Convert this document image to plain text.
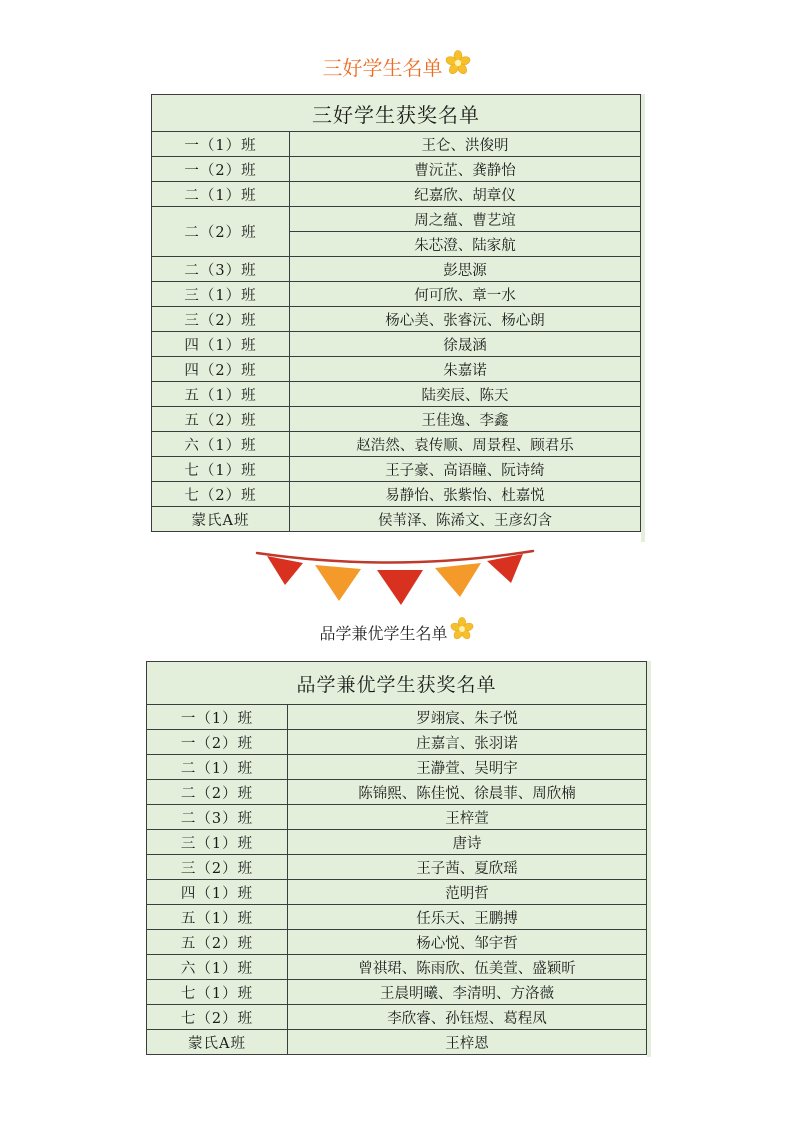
三好学生名单
三好学生获奖名单	
一（1）班	王仑、洪俊明
一（2）班	曹沅芷、龚静怡
二（1）班	纪嘉欣、胡章仪
二（2）班	周之蕴、曹艺竩
	朱芯澄、陆家航
二（3）班	彭思源
三（1）班	何可欣、章一水
三（2）班	杨心美、张睿沅、杨心朗
四（1）班	徐晟涵
四（2）班	朱嘉诺
五（1）班	陆奕辰、陈天
五（2）班	王佳逸、李鑫
六（1）班	赵浩然、袁传顺、周景程、顾君乐
七（1）班	王子豪、高语瞳、阮诗绮
七（2）班	易静怡、张紫怡、杜嘉悦
蒙氏A班	侯苇泽、陈浠文、王彦幻含
品学兼优学生名单
品学兼优学生获奖名单	
一（1）班	罗翊宸、朱子悦
一（2）班	庄嘉言、张羽诺
二（1）班	王瀞萱、吴明宇
二（2）班	陈锦熙、陈佳悦、徐晨菲、周欣楠
二（3）班	王梓萱
三（1）班	唐诗
三（2）班	王子茜、夏欣瑶
四（1）班	范明哲
五（1）班	任乐天、王鹏搏
五（2）班	杨心悦、邹宇哲
六（1）班	曾祺珺、陈雨欣、伍美萱、盛颖昕
七（1）班	王晨明曦、李清明、方洛薇
七（2）班	李欣睿、孙钰煜、葛程凤
蒙氏A班	王梓恩
